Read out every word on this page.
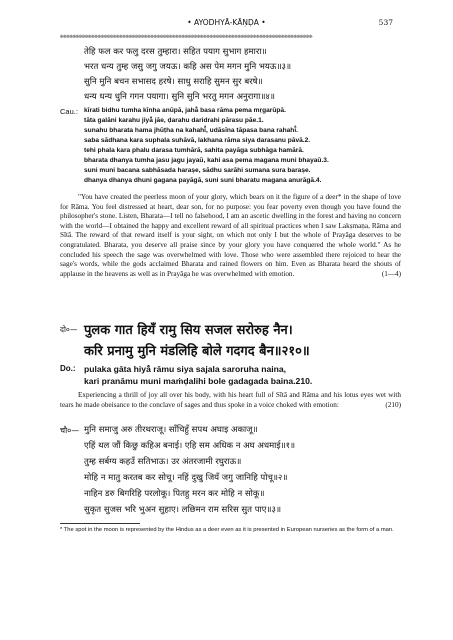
• AYODHYĀ-KĀṆḌA •	537
❊❊❊❊❊❊❊❊❊❊❊❊❊❊❊❊❊❊❊❊❊❊❊❊❊❊❊❊❊❊❊❊❊❊❊❊❊❊❊❊❊❊❊❊❊❊❊❊❊❊❊❊❊❊❊❊❊❊❊❊❊❊❊❊❊❊❊❊❊❊❊❊❊❊❊❊❊❊❊❊❊
तेहि फल कर फलु दरस तुम्हारा। सहित पयाग सुभाग हमारा॥
भरत धन्य तुम्ह जसु जगु जयऊ। कहि अस पेम मगन मुनि भयऊ॥३॥
सुनि मुनि बचन सभासद हरषे। साधु सराहि सुमन सुर बरषे॥
धन्य धन्य धुनि गगन पयागा। सुनि सुनि भरतु मगन अनुरागा॥४॥
Cau.: kīrati bidhu tumha kīnha anūpā, jahå̐ basa rāma pema mṛgarūpā.
tāta galāni karahu jiyå̐ jāe, ḍarahu daridrahi pārasu pāe.1.
sunahu bharata hama jhūṭha na kahahī̐, udāsīna tāpasa bana rahahī̐.
saba sādhana kara suphala suhāvā, lakhana rāma siya darasanu pāvā.2.
tehi phala kara phalu darasa tumhārā, sahita payāga subhāga hamārā.
bharata dhanya tumha jasu jagu jayaū, kahi asa pema magana muni bhayaū.3.
suni muni bacana sabhāsada harașe, sādhu sarāhi sumana sura barașe.
dhanya dhanya dhuni gagana payāgā, suni suni bharatu magana anurāgā.4.

"You have created the peerless moon of your glory, which bears on it the figure of a deer* in the shape of love for Rāma. You feel distressed at heart, dear son, for no purpose: you fear poverty even though you have found the philosopher's stone. Listen, Bharata—I tell no falsehood, I am an ascetic dwelling in the forest and having no concern with the world—I obtained the happy and excellent reward of all spiritual practices when I saw Lakṣmaṇa, Rāma and Sītā. The reward of that reward itself is your sight, on which not only I but the whole of Prayāga deserves to be congratulated. Bharata, you deserve all praise since by your glory you have conquered the whole world." As he concluded his speech the sage was overwhelmed with love. Those who were assembled there rejoiced to hear the sage's words, while the gods acclaimed Bharata and rained flowers on him. Even as Bharata heard the shouts of applause in the heavens as well as in Prayāga he was overwhelmed with emotion.	(1—4)

दो०— पुलक गात हियँ रामु सिय सजल सरोरुह नैन।
करि प्रनामु मुनि मंडलिहि बोले गदगद बैन॥२१०॥
Do.: pulaka gāta hiyå̐ rāmu siya sajala saroruha naina,
kari pranāmu muni maṁḍalihi bole gadagada baina.210.

Experiencing a thrill of joy all over his body, with his heart full of Sītā and Rāma and his lotus eyes wet with tears he made obeisance to the conclave of sages and thus spoke in a voice choked with emotion:	(210)

चौ०— मुनि समाजु अरु तीरथराजू। साँचिहुँ सपथ अघाइ अकाजू॥
एहिं थल जौं किछु कहिअ बनाई। एहि सम अधिक न अघ अधमाई॥१॥
तुम्ह सर्बग्य कहउँ सतिभाऊ। उर अंतरजामी रघुराऊ॥
मोहि न मातु करतब कर सोचू। नहिं दुखु जियँ जगु जानिहि पोचू॥२॥
नाहिन डरु बिगरिहि परलोकू। पितहु मरन कर मोहि न सोकू॥
सुकृत सुजस भरि भुअन सुहाए। लछिमन राम सरिस सुत पाए॥३॥
* The spot in the moon is represented by the Hindus as a deer even as it is presented in European nurseries as the form of a man.
